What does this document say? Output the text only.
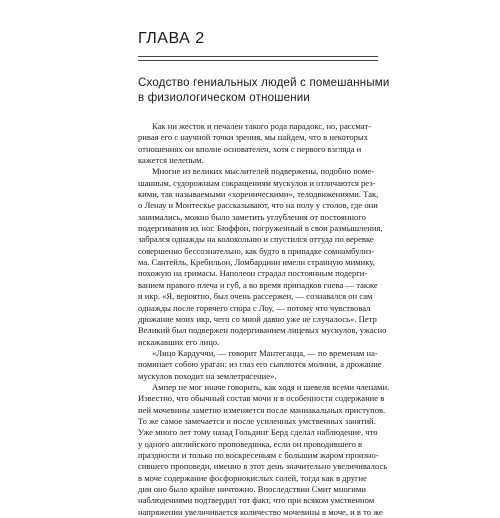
ГЛАВА 2
Сходство гениальных людей с помешанными
в физиологическом отношении
Как ни жесток и печален такого рода парадокс, но, рассмат-
ривая его с научной точки зрения, мы найдем, что в некоторых
отношениях он вполне основателен, хотя с первого взгляда и
кажется нелепым.
Многие из великих мыслителей подвержены, подобно поме-
шанным, судорожным сокращениям мускулов и отличаются рез-
кими, так называемыми «хореническими», телодвижениями. Так,
о Ленау и Монтескье рассказывают, что на полу у столов, где они
занимались, можно было заметить углубления от постоянного
подергивания их ног. Бюффон, погруженный в свои размышления,
забрался однажды на колокольню и спустился оттуда по веревке
совершенно бессознательно, как будто в припадке сомнамбулиз-
ма. Сантейль, Кребильон, Ломбардини имели странную мимику,
похожую на гримасы. Наполеон страдал постоянным подерги-
ванием правого плеча и губ, а во время припадков гнева — также
и икр. «Я, вероятно, был очень рассержен, — сознавался он сам
однажды после горячего спора с Лоу, — потому что чувствовал
дрожание моих икр, чего со мной давно уже не случалось». Петр
Великий был подвержен подергиванием лицевых мускулов, ужасно
искажавших его лицо.
«Лицо Кардуччи, — говорит Мантегацца, — по временам на-
поминает собою ураган: из глаз его сыплются молнии, а дрожание
мускулов походит на землетрясение».
Ампер не мог иначе говорить, как ходя и шевеля всеми членами.
Известно, что обычный состав мочи и в особенности содержание в
ней мочевины заметно изменяется после маниакальных приступов.
То же самое замечается и после усиленных умственных занятий.
Уже много лет тому назад Гольдинг Берд сделал наблюдение, что
у одного английского проповедника, если он проводившего в
праздности и только по воскресеньям с большим жаром произно-
сившего проповеди, именно в этот день значительно увеличивалось
в моче содержание фосфорнокислых солей, тогда как в другие
дни оно было крайне ничтожно. Впоследствии Смит многими
наблюдениями подтвердил тот факт, что при всяком умственном
напряжении увеличивается количество мочевины в моче, и в то же
